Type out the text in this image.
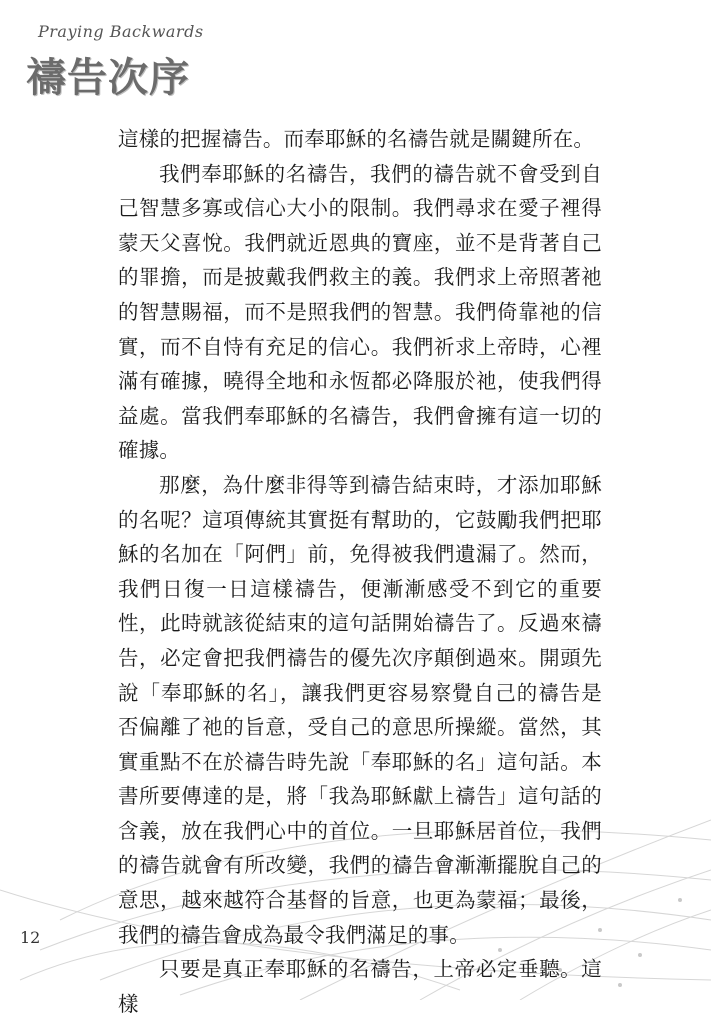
Praying Backwards
禱告次序

這樣的把握禱告。而奉耶穌的名禱告就是關鍵所在。

我們奉耶穌的名禱告，我們的禱告就不會受到自己智慧多寡或信心大小的限制。我們尋求在愛子裡得蒙天父喜悅。我們就近恩典的寶座，並不是背著自己的罪擔，而是披戴我們救主的義。我們求上帝照著祂的智慧賜福，而不是照我們的智慧。我們倚靠祂的信實，而不自恃有充足的信心。我們祈求上帝時，心裡滿有確據，曉得全地和永恆都必降服於祂，使我們得益處。當我們奉耶穌的名禱告，我們會擁有這一切的確據。

那麼，為什麼非得等到禱告結束時，才添加耶穌的名呢？這項傳統其實挺有幫助的，它鼓勵我們把耶穌的名加在「阿們」前，免得被我們遺漏了。然而，我們日復一日這樣禱告，便漸漸感受不到它的重要性，此時就該從結束的這句話開始禱告了。反過來禱告，必定會把我們禱告的優先次序顛倒過來。開頭先說「奉耶穌的名」，讓我們更容易察覺自己的禱告是否偏離了祂的旨意，受自己的意思所操縱。當然，其實重點不在於禱告時先說「奉耶穌的名」這句話。本書所要傳達的是，將「我為耶穌獻上禱告」這句話的含義，放在我們心中的首位。一旦耶穌居首位，我們的禱告就會有所改變，我們的禱告會漸漸擺脫自己的意思，越來越符合基督的旨意，也更為蒙福；最後，我們的禱告會成為最令我們滿足的事。

只要是真正奉耶穌的名禱告，上帝必定垂聽。這樣

12
